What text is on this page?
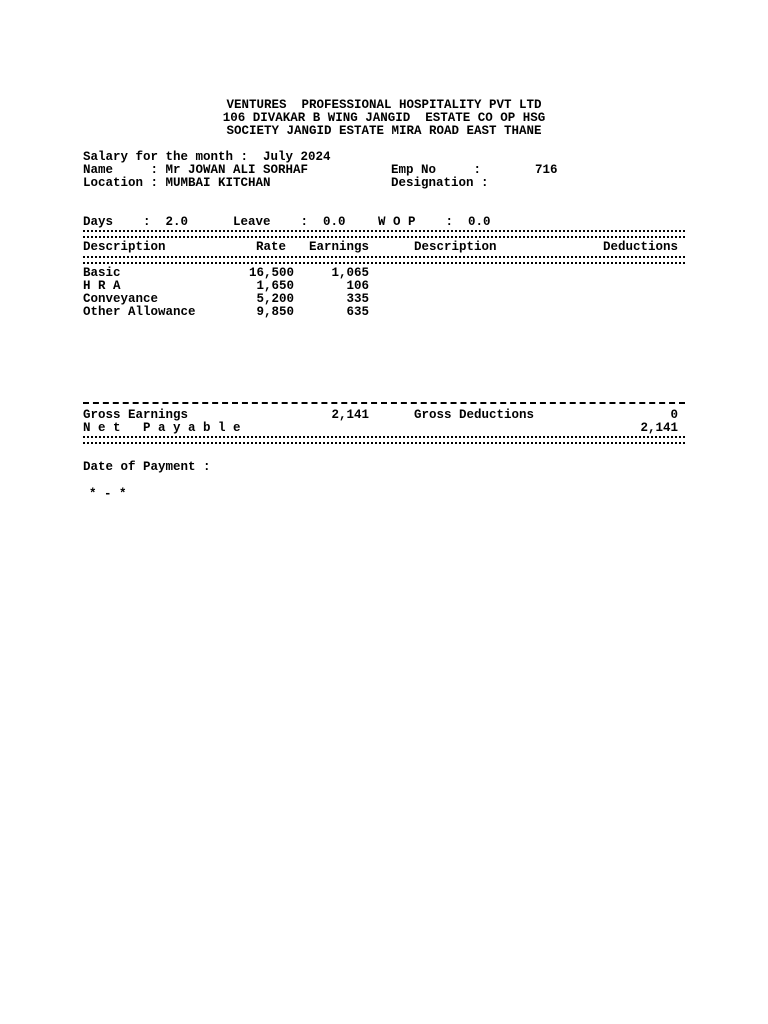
VENTURES  PROFESSIONAL HOSPITALITY PVT LTD
106 DIVAKAR B WING JANGID  ESTATE CO OP HSG
SOCIETY JANGID ESTATE MIRA ROAD EAST THANE
Salary for the month :  July 2024
Name     : Mr JOWAN ALI SORHAF	Emp No     :	716
Location : MUMBAI KITCHAN	Designation :
Days    :  2.0	Leave    :  0.0	W O P    :  0.0
Description	Rate	Earnings	Description	Deductions
Basic	16,500	1,065
H R A	1,650	106
Conveyance	5,200	335
Other Allowance	9,850	635
Gross Earnings	2,141	Gross Deductions	0
N e t   P a y a b l e	2,141
Date of Payment :
* - *
